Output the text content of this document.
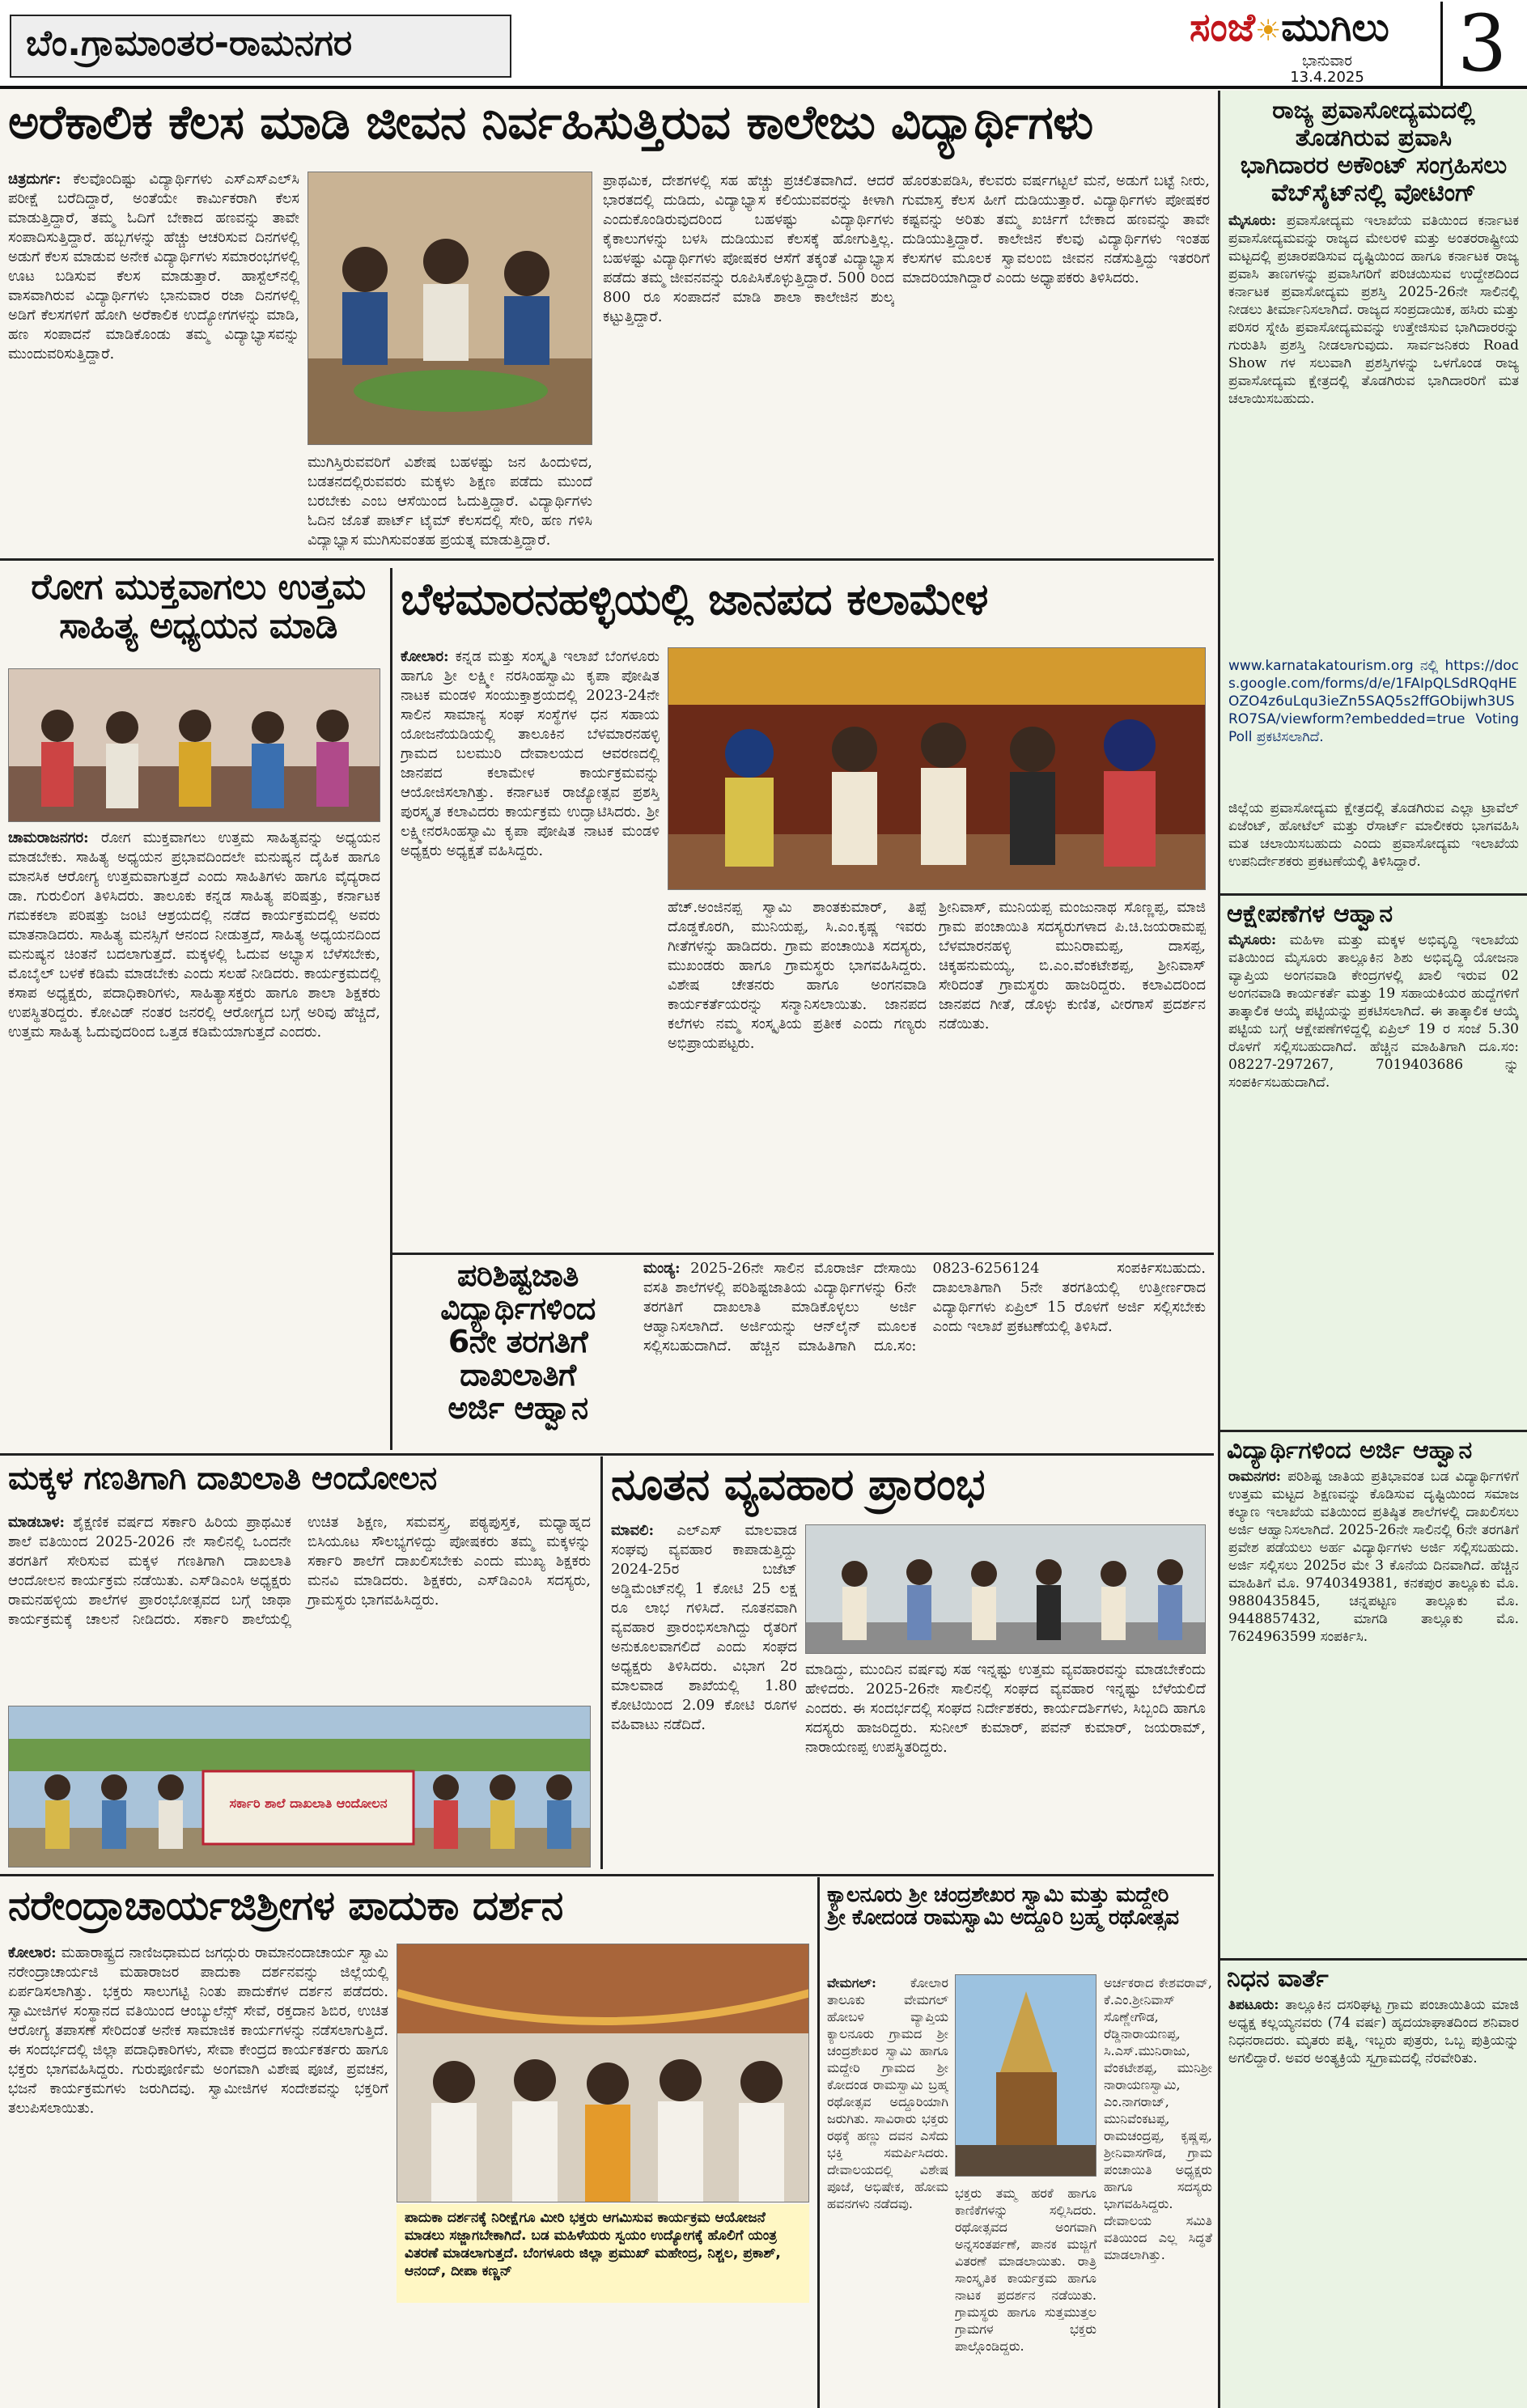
ಬೆಂ.ಗ್ರಾಮಾಂತರ-ರಾಮನಗರ	ಸಂಜೆ☀ಮುಗಿಲು
ಭಾನುವಾರ
13.4.2025	3
ಅರೆಕಾಲಿಕ ಕೆಲಸ ಮಾಡಿ ಜೀವನ ನಿರ್ವಹಿಸುತ್ತಿರುವ ಕಾಲೇಜು ವಿದ್ಯಾರ್ಥಿಗಳು
ಚಿತ್ರದುರ್ಗ: ಕೆಲವೊಂದಿಷ್ಟು ವಿದ್ಯಾರ್ಥಿಗಳು ಎಸ್‌ಎಸ್‌ಎಲ್‌ಸಿ ಪರೀಕ್ಷೆ ಬರೆದಿದ್ದಾರೆ, ಅಂತೆಯೇ ಕಾರ್ಮಿಕರಾಗಿ ಕೆಲಸ ಮಾಡುತ್ತಿದ್ದಾರೆ, ತಮ್ಮ ಓದಿಗೆ ಬೇಕಾದ ಹಣವನ್ನು ತಾವೇ ಸಂಪಾದಿಸುತ್ತಿದ್ದಾರೆ. ಹಬ್ಬಗಳನ್ನು ಹೆಚ್ಚು ಆಚರಿಸುವ ದಿನಗಳಲ್ಲಿ ಅಡುಗೆ ಕೆಲಸ ಮಾಡುವ ಅನೇಕ ವಿದ್ಯಾರ್ಥಿಗಳು ಸಮಾರಂಭಗಳಲ್ಲಿ ಊಟ ಬಡಿಸುವ ಕೆಲಸ ಮಾಡುತ್ತಾರೆ. ಹಾಸ್ಟೆಲ್‌ನಲ್ಲಿ ವಾಸವಾಗಿರುವ ವಿದ್ಯಾರ್ಥಿಗಳು ಭಾನುವಾರ ರಜಾ ದಿನಗಳಲ್ಲಿ ಅಡಿಗೆ ಕೆಲಸಗಳಿಗೆ ಹೋಗಿ ಅರೆಕಾಲಿಕ ಉದ್ಯೋಗಗಳನ್ನು ಮಾಡಿ, ಹಣ ಸಂಪಾದನೆ ಮಾಡಿಕೊಂಡು ತಮ್ಮ ವಿದ್ಯಾಭ್ಯಾಸವನ್ನು ಮುಂದುವರಿಸುತ್ತಿದ್ದಾರೆ.
ಮುಗಿಸ್ತಿರುವವರಿಗೆ ವಿಶೇಷ ಬಹಳಷ್ಟು ಜನ ಹಿಂದುಳಿದ, ಬಡತನದಲ್ಲಿರುವವರು ಮಕ್ಕಳು ಶಿಕ್ಷಣ ಪಡೆದು ಮುಂದೆ ಬರಬೇಕು ಎಂಬ ಆಸೆಯಿಂದ ಓದುತ್ತಿದ್ದಾರೆ. ವಿದ್ಯಾರ್ಥಿಗಳು ಓದಿನ ಜೊತೆ ಪಾರ್ಟ್ ಟೈಮ್ ಕೆಲಸದಲ್ಲಿ ಸೇರಿ, ಹಣ ಗಳಿಸಿ ವಿದ್ಯಾಭ್ಯಾಸ ಮುಗಿಸುವಂತಹ ಪ್ರಯತ್ನ ಮಾಡುತ್ತಿದ್ದಾರೆ.
ಪ್ರಾಥಮಿಕ, ದೇಶಗಳಲ್ಲಿ ಸಹ ಹೆಚ್ಚು ಪ್ರಚಲಿತವಾಗಿದೆ. ಆದರೆ ಭಾರತದಲ್ಲಿ ದುಡಿದು, ವಿದ್ಯಾಭ್ಯಾಸ ಕಲಿಯುವವರನ್ನು ಕೀಳಾಗಿ ಎಂದುಕೊಂಡಿರುವುದರಿಂದ ಬಹಳಷ್ಟು ವಿದ್ಯಾರ್ಥಿಗಳು ಕೈಕಾಲುಗಳನ್ನು ಬಳಸಿ ದುಡಿಯುವ ಕೆಲಸಕ್ಕೆ ಹೋಗುತ್ತಿಲ್ಲ. ಬಹಳಷ್ಟು ವಿದ್ಯಾರ್ಥಿಗಳು ಪೋಷಕರ ಆಸೆಗೆ ತಕ್ಕಂತೆ ವಿದ್ಯಾಭ್ಯಾಸ ಪಡೆದು ತಮ್ಮ ಜೀವನವನ್ನು ರೂಪಿಸಿಕೊಳ್ಳುತ್ತಿದ್ದಾರೆ. 500 ರಿಂದ 800 ರೂ ಸಂಪಾದನೆ ಮಾಡಿ ಶಾಲಾ ಕಾಲೇಜಿನ ಶುಲ್ಕ ಕಟ್ಟುತ್ತಿದ್ದಾರೆ.
ಹೊರತುಪಡಿಸಿ, ಕೆಲವರು ವರ್ಷಗಟ್ಟಲೆ ಮನೆ, ಅಡುಗೆ ಬಟ್ಟೆ ನೀರು, ಗುಮಾಸ್ತ ಕೆಲಸ ಹೀಗೆ ದುಡಿಯುತ್ತಾರೆ. ವಿದ್ಯಾರ್ಥಿಗಳು ಪೋಷಕರ ಕಷ್ಟವನ್ನು ಅರಿತು ತಮ್ಮ ಖರ್ಚಿಗೆ ಬೇಕಾದ ಹಣವನ್ನು ತಾವೇ ದುಡಿಯುತ್ತಿದ್ದಾರೆ. ಕಾಲೇಜಿನ ಕೆಲವು ವಿದ್ಯಾರ್ಥಿಗಳು ಇಂತಹ ಕೆಲಸಗಳ ಮೂಲಕ ಸ್ವಾವಲಂಬಿ ಜೀವನ ನಡೆಸುತ್ತಿದ್ದು ಇತರರಿಗೆ ಮಾದರಿಯಾಗಿದ್ದಾರೆ ಎಂದು ಅಧ್ಯಾಪಕರು ತಿಳಿಸಿದರು.
ರೋಗ ಮುಕ್ತವಾಗಲು ಉತ್ತಮ
ಸಾಹಿತ್ಯ ಅಧ್ಯಯನ ಮಾಡಿ
ಚಾಮರಾಜನಗರ: ರೋಗ ಮುಕ್ತವಾಗಲು ಉತ್ತಮ ಸಾಹಿತ್ಯವನ್ನು ಅಧ್ಯಯನ ಮಾಡಬೇಕು. ಸಾಹಿತ್ಯ ಅಧ್ಯಯನ ಪ್ರಭಾವದಿಂದಲೇ ಮನುಷ್ಯನ ದೈಹಿಕ ಹಾಗೂ ಮಾನಸಿಕ ಆರೋಗ್ಯ ಉತ್ತಮವಾಗುತ್ತದೆ ಎಂದು ಸಾಹಿತಿಗಳು ಹಾಗೂ ವೈದ್ಯರಾದ ಡಾ. ಗುರುಲಿಂಗ ತಿಳಿಸಿದರು. ತಾಲೂಕು ಕನ್ನಡ ಸಾಹಿತ್ಯ ಪರಿಷತ್ತು, ಕರ್ನಾಟಕ ಗಮಕಕಲಾ ಪರಿಷತ್ತು ಜಂಟಿ ಆಶ್ರಯದಲ್ಲಿ ನಡೆದ ಕಾರ್ಯಕ್ರಮದಲ್ಲಿ ಅವರು ಮಾತನಾಡಿದರು. ಸಾಹಿತ್ಯ ಮನಸ್ಸಿಗೆ ಆನಂದ ನೀಡುತ್ತದೆ, ಸಾಹಿತ್ಯ ಅಧ್ಯಯನದಿಂದ ಮನುಷ್ಯನ ಚಿಂತನೆ ಬದಲಾಗುತ್ತದೆ. ಮಕ್ಕಳಲ್ಲಿ ಓದುವ ಅಭ್ಯಾಸ ಬೆಳೆಸಬೇಕು, ಮೊಬೈಲ್ ಬಳಕೆ ಕಡಿಮೆ ಮಾಡಬೇಕು ಎಂದು ಸಲಹೆ ನೀಡಿದರು. ಕಾರ್ಯಕ್ರಮದಲ್ಲಿ ಕಸಾಪ ಅಧ್ಯಕ್ಷರು, ಪದಾಧಿಕಾರಿಗಳು, ಸಾಹಿತ್ಯಾಸಕ್ತರು ಹಾಗೂ ಶಾಲಾ ಶಿಕ್ಷಕರು ಉಪಸ್ಥಿತರಿದ್ದರು. ಕೋವಿಡ್ ನಂತರ ಜನರಲ್ಲಿ ಆರೋಗ್ಯದ ಬಗ್ಗೆ ಅರಿವು ಹೆಚ್ಚಿದೆ, ಉತ್ತಮ ಸಾಹಿತ್ಯ ಓದುವುದರಿಂದ ಒತ್ತಡ ಕಡಿಮೆಯಾಗುತ್ತದೆ ಎಂದರು.
ಬೆಳಮಾರನಹಳ್ಳಿಯಲ್ಲಿ ಜಾನಪದ ಕಲಾಮೇಳ
ಕೋಲಾರ: ಕನ್ನಡ ಮತ್ತು ಸಂಸ್ಕೃತಿ ಇಲಾಖೆ ಬೆಂಗಳೂರು ಹಾಗೂ ಶ್ರೀ ಲಕ್ಷ್ಮೀ ನರಸಿಂಹಸ್ವಾಮಿ ಕೃಪಾ ಪೋಷಿತ ನಾಟಕ ಮಂಡಳಿ ಸಂಯುಕ್ತಾಶ್ರಯದಲ್ಲಿ 2023-24ನೇ ಸಾಲಿನ ಸಾಮಾನ್ಯ ಸಂಘ ಸಂಸ್ಥೆಗಳ ಧನ ಸಹಾಯ ಯೋಜನೆಯಡಿಯಲ್ಲಿ ತಾಲೂಕಿನ ಬೆಳಮಾರನಹಳ್ಳಿ ಗ್ರಾಮದ ಬಲಮುರಿ ದೇವಾಲಯದ ಆವರಣದಲ್ಲಿ ಜಾನಪದ ಕಲಾಮೇಳ ಕಾರ್ಯಕ್ರಮವನ್ನು ಆಯೋಜಿಸಲಾಗಿತ್ತು. ಕರ್ನಾಟಕ ರಾಜ್ಯೋತ್ಸವ ಪ್ರಶಸ್ತಿ ಪುರಸ್ಕೃತ ಕಲಾವಿದರು ಕಾರ್ಯಕ್ರಮ ಉದ್ಘಾಟಿಸಿದರು. ಶ್ರೀ ಲಕ್ಷ್ಮೀನರಸಿಂಹಸ್ವಾಮಿ ಕೃಪಾ ಪೋಷಿತ ನಾಟಕ ಮಂಡಳಿ ಅಧ್ಯಕ್ಷರು ಅಧ್ಯಕ್ಷತೆ ವಹಿಸಿದ್ದರು.
ಹೆಚ್.ಅಂಜಿನಪ್ಪ ಸ್ವಾಮಿ ಶಾಂತಕುಮಾರ್, ತಿಪ್ಪೆ ದೊಡ್ಡಕೊರಗಿ, ಮುನಿಯಪ್ಪ, ಸಿ.ಎಂ.ಕೃಷ್ಣ ಇವರು ಗೀತೆಗಳನ್ನು ಹಾಡಿದರು. ಗ್ರಾಮ ಪಂಚಾಯಿತಿ ಸದಸ್ಯರು, ಮುಖಂಡರು ಹಾಗೂ ಗ್ರಾಮಸ್ಥರು ಭಾಗವಹಿಸಿದ್ದರು. ವಿಶೇಷ ಚೇತನರು ಹಾಗೂ ಅಂಗನವಾಡಿ ಕಾರ್ಯಕರ್ತೆಯರನ್ನು ಸನ್ಮಾನಿಸಲಾಯಿತು. ಜಾನಪದ ಕಲೆಗಳು ನಮ್ಮ ಸಂಸ್ಕೃತಿಯ ಪ್ರತೀಕ ಎಂದು ಗಣ್ಯರು ಅಭಿಪ್ರಾಯಪಟ್ಟರು.
ಶ್ರೀನಿವಾಸ್, ಮುನಿಯಪ್ಪ ಮಂಜುನಾಥ ಸೊಣ್ಣಪ್ಪ, ಮಾಜಿ ಗ್ರಾಮ ಪಂಚಾಯಿತಿ ಸದಸ್ಯರುಗಳಾದ ಪಿ.ಚಿ.ಜಯರಾಮಪ್ಪ ಬೆಳಮಾರನಹಳ್ಳಿ ಮುನಿರಾಮಪ್ಪ, ದಾಸಪ್ಪ, ಚಿಕ್ಕಹನುಮಯ್ಯ, ಬಿ.ಎಂ.ವೆಂಕಟೇಶಪ್ಪ, ಶ್ರೀನಿವಾಸ್ ಸೇರಿದಂತೆ ಗ್ರಾಮಸ್ಥರು ಹಾಜರಿದ್ದರು. ಕಲಾವಿದರಿಂದ ಜಾನಪದ ಗೀತೆ, ಡೊಳ್ಳು ಕುಣಿತ, ವೀರಗಾಸೆ ಪ್ರದರ್ಶನ ನಡೆಯಿತು.
ಪರಿಶಿಷ್ಟಜಾತಿ
ವಿದ್ಯಾರ್ಥಿಗಳಿಂದ
6ನೇ ತರಗತಿಗೆ
ದಾಖಲಾತಿಗೆ
ಅರ್ಜಿ ಆಹ್ವಾನ
ಮಂಡ್ಯ: 2025-26ನೇ ಸಾಲಿನ ಮೊರಾರ್ಜಿ ದೇಸಾಯಿ ವಸತಿ ಶಾಲೆಗಳಲ್ಲಿ ಪರಿಶಿಷ್ಟಜಾತಿಯ ವಿದ್ಯಾರ್ಥಿಗಳನ್ನು 6ನೇ ತರಗತಿಗೆ ದಾಖಲಾತಿ ಮಾಡಿಕೊಳ್ಳಲು ಅರ್ಜಿ ಆಹ್ವಾನಿಸಲಾಗಿದೆ. ಅರ್ಜಿಯನ್ನು ಆನ್‌ಲೈನ್ ಮೂಲಕ ಸಲ್ಲಿಸಬಹುದಾಗಿದೆ. ಹೆಚ್ಚಿನ ಮಾಹಿತಿಗಾಗಿ ದೂ.ಸಂ: 0823-6256124 ಸಂಪರ್ಕಿಸಬಹುದು. ದಾಖಲಾತಿಗಾಗಿ 5ನೇ ತರಗತಿಯಲ್ಲಿ ಉತ್ತೀರ್ಣರಾದ ವಿದ್ಯಾರ್ಥಿಗಳು ಏಪ್ರಿಲ್ 15 ರೊಳಗೆ ಅರ್ಜಿ ಸಲ್ಲಿಸಬೇಕು ಎಂದು ಇಲಾಖೆ ಪ್ರಕಟಣೆಯಲ್ಲಿ ತಿಳಿಸಿದೆ.
ಮಕ್ಕಳ ಗಣತಿಗಾಗಿ ದಾಖಲಾತಿ ಆಂದೋಲನ
ಮಾಡಬಾಳ: ಶೈಕ್ಷಣಿಕ ವರ್ಷದ ಸರ್ಕಾರಿ ಹಿರಿಯ ಪ್ರಾಥಮಿಕ ಶಾಲೆ ವತಿಯಿಂದ 2025-2026 ನೇ ಸಾಲಿನಲ್ಲಿ ಒಂದನೇ ತರಗತಿಗೆ ಸೇರಿಸುವ ಮಕ್ಕಳ ಗಣತಿಗಾಗಿ ದಾಖಲಾತಿ ಆಂದೋಲನ ಕಾರ್ಯಕ್ರಮ ನಡೆಯಿತು. ಎಸ್‌ಡಿಎಂಸಿ ಅಧ್ಯಕ್ಷರು ರಾಮನಹಳ್ಳಿಯ ಶಾಲೆಗಳ ಪ್ರಾರಂಭೋತ್ಸವದ ಬಗ್ಗೆ ಜಾಥಾ ಕಾರ್ಯಕ್ರಮಕ್ಕೆ ಚಾಲನೆ ನೀಡಿದರು. ಸರ್ಕಾರಿ ಶಾಲೆಯಲ್ಲಿ ಉಚಿತ ಶಿಕ್ಷಣ, ಸಮವಸ್ತ್ರ, ಪಠ್ಯಪುಸ್ತಕ, ಮಧ್ಯಾಹ್ನದ ಬಿಸಿಯೂಟ ಸೌಲಭ್ಯಗಳಿದ್ದು ಪೋಷಕರು ತಮ್ಮ ಮಕ್ಕಳನ್ನು ಸರ್ಕಾರಿ ಶಾಲೆಗೆ ದಾಖಲಿಸಬೇಕು ಎಂದು ಮುಖ್ಯ ಶಿಕ್ಷಕರು ಮನವಿ ಮಾಡಿದರು. ಶಿಕ್ಷಕರು, ಎಸ್‌ಡಿಎಂಸಿ ಸದಸ್ಯರು, ಗ್ರಾಮಸ್ಥರು ಭಾಗವಹಿಸಿದ್ದರು.
ಸರ್ಕಾರಿ ಶಾಲೆ ದಾಖಲಾತಿ ಆಂದೋಲನ
ನೂತನ ವ್ಯವಹಾರ ಪ್ರಾರಂಭ
ಮಾವಲಿ: ಎಲ್‌ಎಸ್ ಮಾಲವಾಡ ಸಂಘವು ವ್ಯವಹಾರ ಕಾಪಾಡುತ್ತಿದ್ದು 2024-25ರ ಬಜೆಟ್ ಅಡ್ಡಿಮೆಂಟ್‌ನಲ್ಲಿ 1 ಕೋಟಿ 25 ಲಕ್ಷ ರೂ ಲಾಭ ಗಳಿಸಿದೆ. ನೂತನವಾಗಿ ವ್ಯವಹಾರ ಪ್ರಾರಂಭಿಸಲಾಗಿದ್ದು ರೈತರಿಗೆ ಅನುಕೂಲವಾಗಲಿದೆ ಎಂದು ಸಂಘದ ಅಧ್ಯಕ್ಷರು ತಿಳಿಸಿದರು. ವಿಭಾಗ 2ರ ಮಾಲವಾಡ ಶಾಖೆಯಲ್ಲಿ 1.80 ಕೋಟಿಯಿಂದ 2.09 ಕೋಟಿ ರೂಗಳ ವಹಿವಾಟು ನಡೆದಿದೆ.
ಮಾಡಿದ್ದು, ಮುಂದಿನ ವರ್ಷವು ಸಹ ಇನ್ನಷ್ಟು ಉತ್ತಮ ವ್ಯವಹಾರವನ್ನು ಮಾಡಬೇಕೆಂದು ಹೇಳಿದರು. 2025-26ನೇ ಸಾಲಿನಲ್ಲಿ ಸಂಘದ ವ್ಯವಹಾರ ಇನ್ನಷ್ಟು ಬೆಳೆಯಲಿದೆ ಎಂದರು. ಈ ಸಂದರ್ಭದಲ್ಲಿ ಸಂಘದ ನಿರ್ದೇಶಕರು, ಕಾರ್ಯದರ್ಶಿಗಳು, ಸಿಬ್ಬಂದಿ ಹಾಗೂ ಸದಸ್ಯರು ಹಾಜರಿದ್ದರು. ಸುನೀಲ್ ಕುಮಾರ್, ಪವನ್ ಕುಮಾರ್, ಜಯರಾಮ್, ನಾರಾಯಣಪ್ಪ ಉಪಸ್ಥಿತರಿದ್ದರು.
ನರೇಂದ್ರಾಚಾರ್ಯಜಿಶ್ರೀಗಳ ಪಾದುಕಾ ದರ್ಶನ
ಕೋಲಾರ: ಮಹಾರಾಷ್ಟ್ರದ ನಾಣಿಜಧಾಮದ ಜಗದ್ಗುರು ರಾಮಾನಂದಾಚಾರ್ಯ ಸ್ವಾಮಿ ನರೇಂದ್ರಾಚಾರ್ಯಜಿ ಮಹಾರಾಜರ ಪಾದುಕಾ ದರ್ಶನವನ್ನು ಜಿಲ್ಲೆಯಲ್ಲಿ ಏರ್ಪಡಿಸಲಾಗಿತ್ತು. ಭಕ್ತರು ಸಾಲುಗಟ್ಟಿ ನಿಂತು ಪಾದುಕೆಗಳ ದರ್ಶನ ಪಡೆದರು. ಸ್ವಾಮೀಜಿಗಳ ಸಂಸ್ಥಾನದ ವತಿಯಿಂದ ಆಂಬ್ಯುಲೆನ್ಸ್ ಸೇವೆ, ರಕ್ತದಾನ ಶಿಬಿರ, ಉಚಿತ ಆರೋಗ್ಯ ತಪಾಸಣೆ ಸೇರಿದಂತೆ ಅನೇಕ ಸಾಮಾಜಿಕ ಕಾರ್ಯಗಳನ್ನು ನಡೆಸಲಾಗುತ್ತಿದೆ. ಈ ಸಂದರ್ಭದಲ್ಲಿ ಜಿಲ್ಲಾ ಪದಾಧಿಕಾರಿಗಳು, ಸೇವಾ ಕೇಂದ್ರದ ಕಾರ್ಯಕರ್ತರು ಹಾಗೂ ಭಕ್ತರು ಭಾಗವಹಿಸಿದ್ದರು. ಗುರುಪೂರ್ಣಿಮೆ ಅಂಗವಾಗಿ ವಿಶೇಷ ಪೂಜೆ, ಪ್ರವಚನ, ಭಜನೆ ಕಾರ್ಯಕ್ರಮಗಳು ಜರುಗಿದವು. ಸ್ವಾಮೀಜಿಗಳ ಸಂದೇಶವನ್ನು ಭಕ್ತರಿಗೆ ತಲುಪಿಸಲಾಯಿತು.
ಪಾದುಕಾ ದರ್ಶನಕ್ಕೆ ನಿರೀಕ್ಷೆಗೂ ಮೀರಿ ಭಕ್ತರು ಆಗಮಿಸುವ ಕಾರ್ಯಕ್ರಮ ಆಯೋಜನೆ ಮಾಡಲು ಸಜ್ಜಾಗಬೇಕಾಗಿದೆ. ಬಡ ಮಹಿಳೆಯರು ಸ್ವಯಂ ಉದ್ಯೋಗಕ್ಕೆ ಹೊಲಿಗೆ ಯಂತ್ರ ವಿತರಣೆ ಮಾಡಲಾಗುತ್ತದೆ. ಬೆಂಗಳೂರು ಜಿಲ್ಲಾ ಪ್ರಮುಖ್ ಮಹೇಂದ್ರ, ನಿಶ್ಚಲ, ಪ್ರಕಾಶ್, ಆನಂದ್, ದೀಪಾ ಕಣ್ಣನ್
ಕ್ಯಾಲನೂರು ಶ್ರೀ ಚಂದ್ರಶೇಖರ ಸ್ವಾಮಿ ಮತ್ತು ಮದ್ದೇರಿ
ಶ್ರೀ ಕೋದಂಡ ರಾಮಸ್ವಾಮಿ ಅದ್ದೂರಿ ಬ್ರಹ್ಮ ರಥೋತ್ಸವ
ವೇಮಗಲ್:	ಕೋಲಾರ ತಾಲೂಕು ವೇಮಗಲ್ ಹೋಬಳಿ ವ್ಯಾಪ್ತಿಯ ಕ್ಯಾಲನೂರು ಗ್ರಾಮದ ಶ್ರೀ ಚಂದ್ರಶೇಖರ ಸ್ವಾಮಿ ಹಾಗೂ ಮದ್ದೇರಿ ಗ್ರಾಮದ ಶ್ರೀ ಕೋದಂಡ ರಾಮಸ್ವಾಮಿ ಬ್ರಹ್ಮ ರಥೋತ್ಸವ ಅದ್ದೂರಿಯಾಗಿ ಜರುಗಿತು. ಸಾವಿರಾರು ಭಕ್ತರು ರಥಕ್ಕೆ ಹಣ್ಣು ದವನ ಎಸೆದು ಭಕ್ತಿ ಸಮರ್ಪಿಸಿದರು. ದೇವಾಲಯದಲ್ಲಿ ವಿಶೇಷ ಪೂಜೆ, ಅಭಿಷೇಕ, ಹೋಮ ಹವನಗಳು ನಡೆದವು.
ಭಕ್ತರು ತಮ್ಮ ಹರಕೆ ಹಾಗೂ ಕಾಣಿಕೆಗಳನ್ನು ಸಲ್ಲಿಸಿದರು. ರಥೋತ್ಸವದ ಅಂಗವಾಗಿ ಅನ್ನಸಂತರ್ಪಣೆ, ಪಾನಕ ಮಜ್ಜಿಗೆ ವಿತರಣೆ ಮಾಡಲಾಯಿತು. ರಾತ್ರಿ ಸಾಂಸ್ಕೃತಿಕ ಕಾರ್ಯಕ್ರಮ ಹಾಗೂ ನಾಟಕ ಪ್ರದರ್ಶನ ನಡೆಯಿತು. ಗ್ರಾಮಸ್ಥರು ಹಾಗೂ ಸುತ್ತಮುತ್ತಲ ಗ್ರಾಮಗಳ ಭಕ್ತರು ಪಾಲ್ಗೊಂಡಿದ್ದರು.
ಅರ್ಚಕರಾದ ಕೇಶವರಾವ್, ಕೆ.ಎಂ.ಶ್ರೀನಿವಾಸ್ ಸೊಣ್ಣೇಗೌಡ, ರೆಡ್ಡಿನಾರಾಯಣಪ್ಪ, ಸಿ.ಎಸ್.ಮುನಿರಾಜು, ವೆಂಕಟೇಶಪ್ಪ, ಮುನಿಶ್ರೀ ನಾರಾಯಣಸ್ವಾಮಿ, ಎಂ.ನಾಗರಾಜ್, ಮುನಿವೆಂಕಟಪ್ಪ, ರಾಮಚಂದ್ರಪ್ಪ, ಕೃಷ್ಣಪ್ಪ, ಶ್ರೀನಿವಾಸಗೌಡ, ಗ್ರಾಮ ಪಂಚಾಯಿತಿ ಅಧ್ಯಕ್ಷರು ಹಾಗೂ ಸದಸ್ಯರು ಭಾಗವಹಿಸಿದ್ದರು. ದೇವಾಲಯ ಸಮಿತಿ ವತಿಯಿಂದ ಎಲ್ಲ ಸಿದ್ಧತೆ ಮಾಡಲಾಗಿತ್ತು.
ರಾಜ್ಯ ಪ್ರವಾಸೋದ್ಯಮದಲ್ಲಿ
ತೊಡಗಿರುವ ಪ್ರವಾಸಿ
ಭಾಗಿದಾರರ ಅಕೌಂಟ್ ಸಂಗ್ರಹಿಸಲು
ವೆಬ್‌ಸೈಟ್‌ನಲ್ಲಿ ವೋಟಿಂಗ್
ಮೈಸೂರು: ಪ್ರವಾಸೋದ್ಯಮ ಇಲಾಖೆಯ ವತಿಯಿಂದ ಕರ್ನಾಟಕ ಪ್ರವಾಸೋದ್ಯಮವನ್ನು ರಾಜ್ಯದ ಮೇಲರಳಿ ಮತ್ತು ಅಂತರರಾಷ್ಟ್ರೀಯ ಮಟ್ಟದಲ್ಲಿ ಪ್ರಚಾರಪಡಿಸುವ ದೃಷ್ಟಿಯಿಂದ ಹಾಗೂ ಕರ್ನಾಟಕ ರಾಜ್ಯ ಪ್ರವಾಸಿ ತಾಣಗಳನ್ನು ಪ್ರವಾಸಿಗರಿಗೆ ಪರಿಚಯಿಸುವ ಉದ್ದೇಶದಿಂದ ಕರ್ನಾಟಕ ಪ್ರವಾಸೋದ್ಯಮ ಪ್ರಶಸ್ತಿ 2025-26ನೇ ಸಾಲಿನಲ್ಲಿ ನೀಡಲು ತೀರ್ಮಾನಿಸಲಾಗಿದೆ. ರಾಜ್ಯದ ಸಂಪ್ರದಾಯಿಕ, ಹಸಿರು ಮತ್ತು ಪರಿಸರ ಸ್ನೇಹಿ ಪ್ರವಾಸೋದ್ಯಮವನ್ನು ಉತ್ತೇಜಿಸುವ ಭಾಗಿದಾರರನ್ನು ಗುರುತಿಸಿ ಪ್ರಶಸ್ತಿ ನೀಡಲಾಗುವುದು. ಸಾರ್ವಜನಿಕರು Road Show ಗಳ ಸಲುವಾಗಿ ಪ್ರಶಸ್ತಿಗಳನ್ನು ಒಳಗೊಂಡ ರಾಜ್ಯ ಪ್ರವಾಸೋದ್ಯಮ ಕ್ಷೇತ್ರದಲ್ಲಿ ತೊಡಗಿರುವ ಭಾಗಿದಾರರಿಗೆ ಮತ ಚಲಾಯಿಸಬಹುದು.
www.karnatakatourism.org ನಲ್ಲಿ https://docs.google.com/forms/d/e/1FAIpQLSdRQqHEOZO4z6uLqu3ieZn5SAQ5s2ffGObijwh3USRO7SA/viewform?embedded=true Voting Poll ಪ್ರಕಟಿಸಲಾಗಿದೆ.
ಜಿಲ್ಲೆಯ ಪ್ರವಾಸೋದ್ಯಮ ಕ್ಷೇತ್ರದಲ್ಲಿ ತೊಡಗಿರುವ ಎಲ್ಲಾ ಟ್ರಾವೆಲ್ ಏಜೆಂಟ್, ಹೋಟೆಲ್ ಮತ್ತು ರೆಸಾರ್ಟ್ ಮಾಲೀಕರು ಭಾಗವಹಿಸಿ ಮತ ಚಲಾಯಿಸಬಹುದು ಎಂದು ಪ್ರವಾಸೋದ್ಯಮ ಇಲಾಖೆಯ ಉಪನಿರ್ದೇಶಕರು ಪ್ರಕಟಣೆಯಲ್ಲಿ ತಿಳಿಸಿದ್ದಾರೆ.
ಆಕ್ಷೇಪಣೆಗಳ ಆಹ್ವಾನ
ಮೈಸೂರು: ಮಹಿಳಾ ಮತ್ತು ಮಕ್ಕಳ ಅಭಿವೃದ್ಧಿ ಇಲಾಖೆಯ ವತಿಯಿಂದ ಮೈಸೂರು ತಾಲ್ಲೂಕಿನ ಶಿಶು ಅಭಿವೃದ್ಧಿ ಯೋಜನಾ ವ್ಯಾಪ್ತಿಯ ಅಂಗನವಾಡಿ ಕೇಂದ್ರಗಳಲ್ಲಿ ಖಾಲಿ ಇರುವ 02 ಅಂಗನವಾಡಿ ಕಾರ್ಯಕರ್ತೆ ಮತ್ತು 19 ಸಹಾಯಕಿಯರ ಹುದ್ದೆಗಳಿಗೆ ತಾತ್ಕಾಲಿಕ ಆಯ್ಕೆ ಪಟ್ಟಿಯನ್ನು ಪ್ರಕಟಿಸಲಾಗಿದೆ. ಈ ತಾತ್ಕಾಲಿಕ ಆಯ್ಕೆ ಪಟ್ಟಿಯ ಬಗ್ಗೆ ಆಕ್ಷೇಪಣೆಗಳಿದ್ದಲ್ಲಿ ಏಪ್ರಿಲ್ 19 ರ ಸಂಜೆ 5.30 ರೊಳಗೆ ಸಲ್ಲಿಸಬಹುದಾಗಿದೆ. ಹೆಚ್ಚಿನ ಮಾಹಿತಿಗಾಗಿ ದೂ.ಸಂ: 08227-297267, 7019403686 ನ್ನು ಸಂಪರ್ಕಿಸಬಹುದಾಗಿದೆ.
ವಿದ್ಯಾರ್ಥಿಗಳಿಂದ ಅರ್ಜಿ ಆಹ್ವಾನ
ರಾಮನಗರ: ಪರಿಶಿಷ್ಟ ಜಾತಿಯ ಪ್ರತಿಭಾವಂತ ಬಡ ವಿದ್ಯಾರ್ಥಿಗಳಿಗೆ ಉತ್ತಮ ಮಟ್ಟದ ಶಿಕ್ಷಣವನ್ನು ಕೊಡಿಸುವ ದೃಷ್ಟಿಯಿಂದ ಸಮಾಜ ಕಲ್ಯಾಣ ಇಲಾಖೆಯ ವತಿಯಿಂದ ಪ್ರತಿಷ್ಠಿತ ಶಾಲೆಗಳಲ್ಲಿ ದಾಖಲಿಸಲು ಅರ್ಜಿ ಆಹ್ವಾನಿಸಲಾಗಿದೆ. 2025-26ನೇ ಸಾಲಿನಲ್ಲಿ 6ನೇ ತರಗತಿಗೆ ಪ್ರವೇಶ ಪಡೆಯಲು ಅರ್ಹ ವಿದ್ಯಾರ್ಥಿಗಳು ಅರ್ಜಿ ಸಲ್ಲಿಸಬಹುದು. ಅರ್ಜಿ ಸಲ್ಲಿಸಲು 2025ರ ಮೇ 3 ಕೊನೆಯ ದಿನವಾಗಿದೆ. ಹೆಚ್ಚಿನ ಮಾಹಿತಿಗೆ ಮೊ. 9740349381, ಕನಕಪುರ ತಾಲ್ಲೂಕು ಮೊ. 9880435845, ಚನ್ನಪಟ್ಟಣ ತಾಲ್ಲೂಕು ಮೊ. 9448857432, ಮಾಗಡಿ ತಾಲ್ಲೂಕು ಮೊ. 7624963599 ಸಂಪರ್ಕಿಸಿ.
ನಿಧನ ವಾರ್ತೆ
ತಿಪಟೂರು: ತಾಲ್ಲೂಕಿನ ದಸರಿಘಟ್ಟ ಗ್ರಾಮ ಪಂಚಾಯಿತಿಯ ಮಾಜಿ ಅಧ್ಯಕ್ಷ ಕಲ್ಲಯ್ಯನವರು (74 ವರ್ಷ) ಹೃದಯಾಘಾತದಿಂದ ಶನಿವಾರ ನಿಧನರಾದರು. ಮೃತರು ಪತ್ನಿ, ಇಬ್ಬರು ಪುತ್ರರು, ಒಬ್ಬ ಪುತ್ರಿಯನ್ನು ಅಗಲಿದ್ದಾರೆ. ಅವರ ಅಂತ್ಯಕ್ರಿಯೆ ಸ್ವಗ್ರಾಮದಲ್ಲಿ ನೆರವೇರಿತು.
